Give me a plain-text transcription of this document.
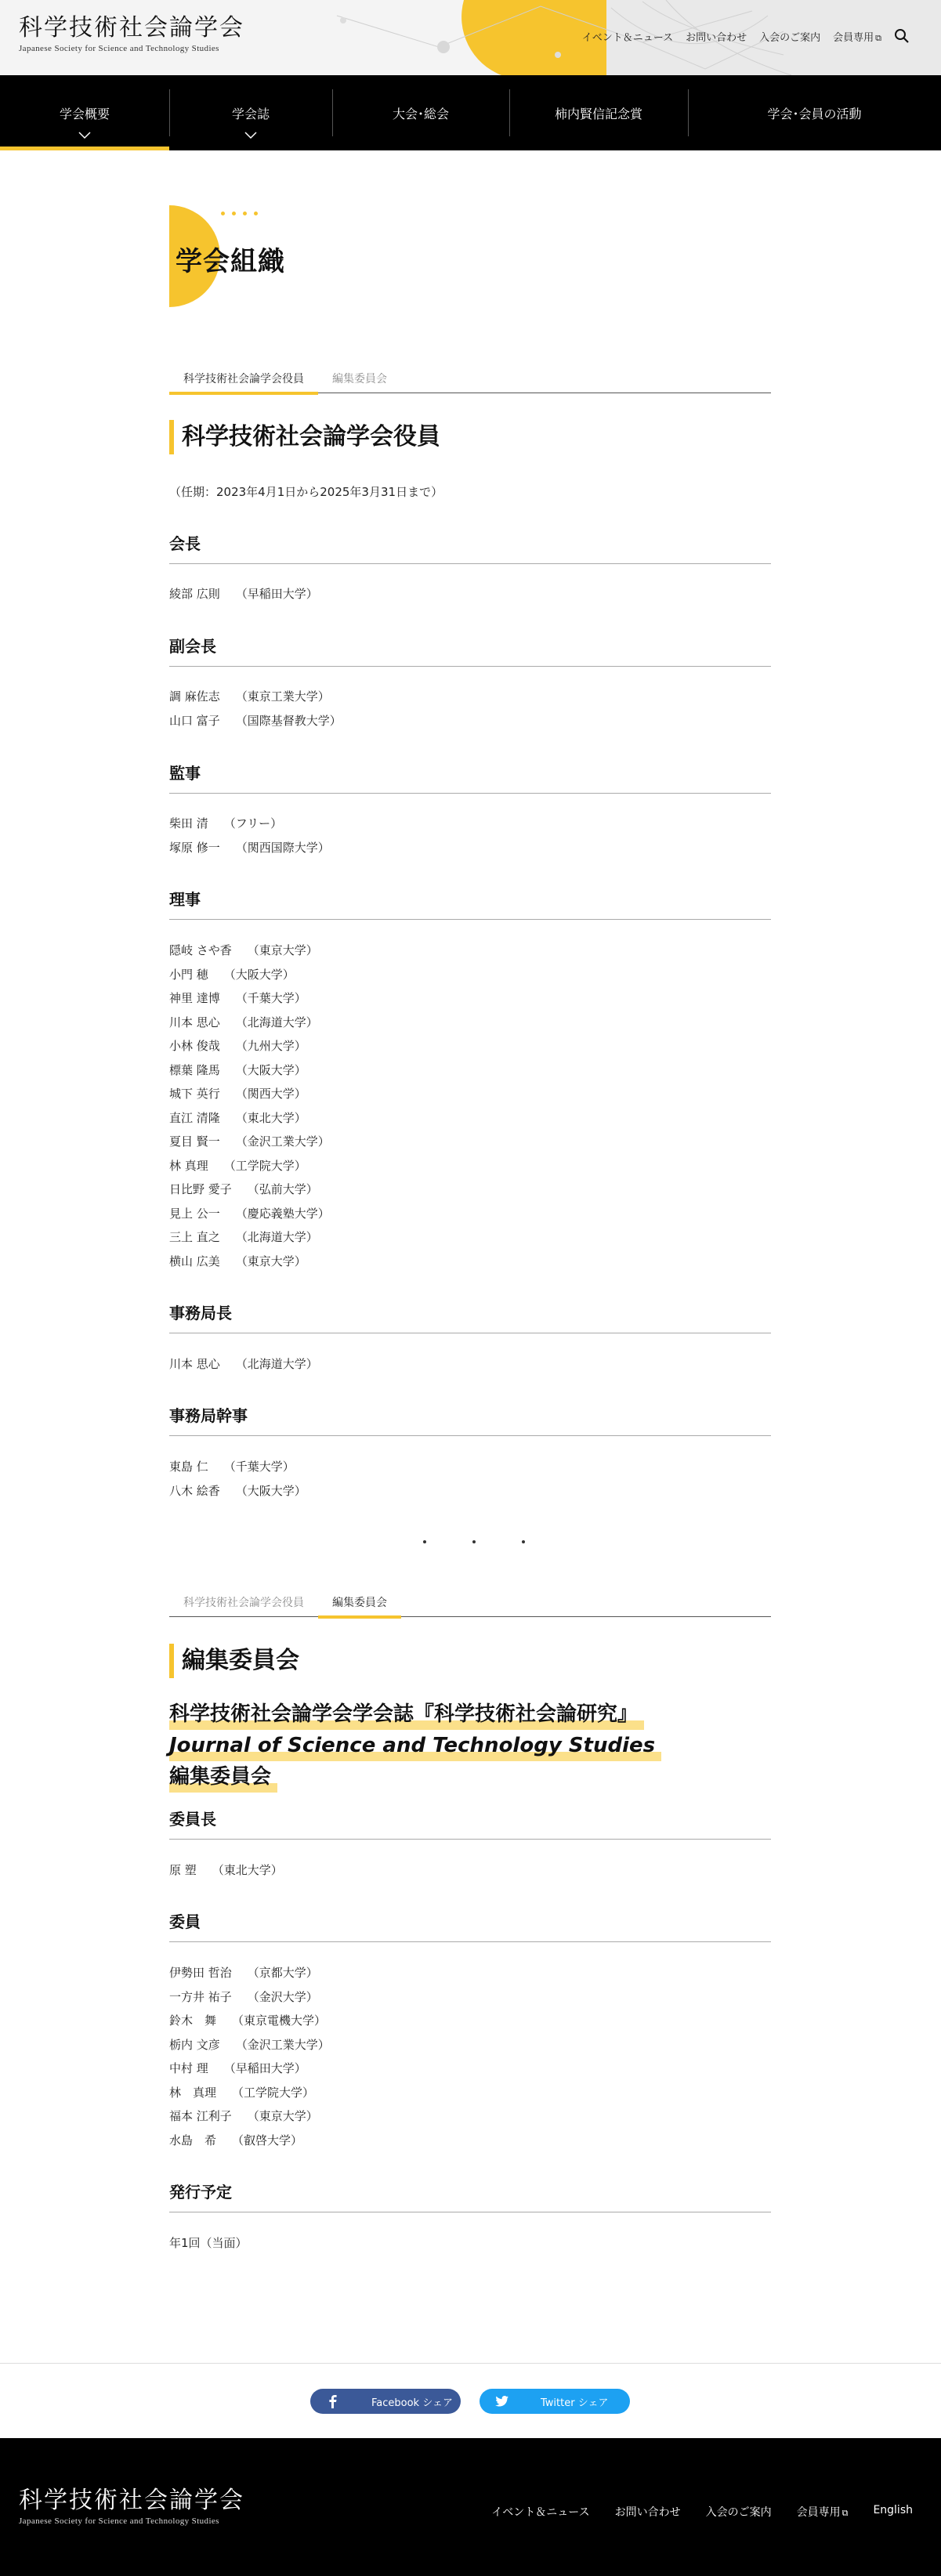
科学技術社会論学会
Japanese Society for Science and Technology Studies
イベント＆ニュース お問い合わせ 入会のご案内 会員専用 ⧉
学会概要	学会誌	大会･総会	柿内賢信記念賞	学会･会員の活動
学会組織
科学技術社会論学会役員	編集委員会
科学技術社会論学会役員
（任期：2023年4月1日から2025年3月31日まで）
会長
綾部 広則 （早稲田大学）
副会長
調 麻佐志 （東京工業大学）
山口 富子 （国際基督教大学）
監事
柴田 清 （フリー）
塚原 修一 （関西国際大学）
理事
隠岐 さや香 （東京大学）
小門 穂 （大阪大学）
神里 達博 （千葉大学）
川本 思心 （北海道大学）
小林 俊哉 （九州大学）
標葉 隆馬 （大阪大学）
城下 英行 （関西大学）
直江 清隆 （東北大学）
夏目 賢一 （金沢工業大学）
林 真理 （工学院大学）
日比野 愛子 （弘前大学）
見上 公一 （慶応義塾大学）
三上 直之 （北海道大学）
横山 広美 （東京大学）
事務局長
川本 思心 （北海道大学）
事務局幹事
東島 仁 （千葉大学）
八木 絵香 （大阪大学）
科学技術社会論学会役員	編集委員会
編集委員会
科学技術社会論学会学会誌『科学技術社会論研究』
Journal of Science and Technology Studies
編集委員会
委員長
原 塑 （東北大学）
委員
伊勢田 哲治 （京都大学）
一方井 祐子 （金沢大学）
鈴木　舞 （東京電機大学）
栃内 文彦 （金沢工業大学）
中村 理 （早稲田大学）
林　真理 （工学院大学）
福本 江利子 （東京大学）
水島　希 （叡啓大学）
発行予定
年1回（当面）
Facebook シェア	Twitter シェア
科学技術社会論学会
Japanese Society for Science and Technology Studies
イベント＆ニュース お問い合わせ 入会のご案内 会員専用 ⧉ English
